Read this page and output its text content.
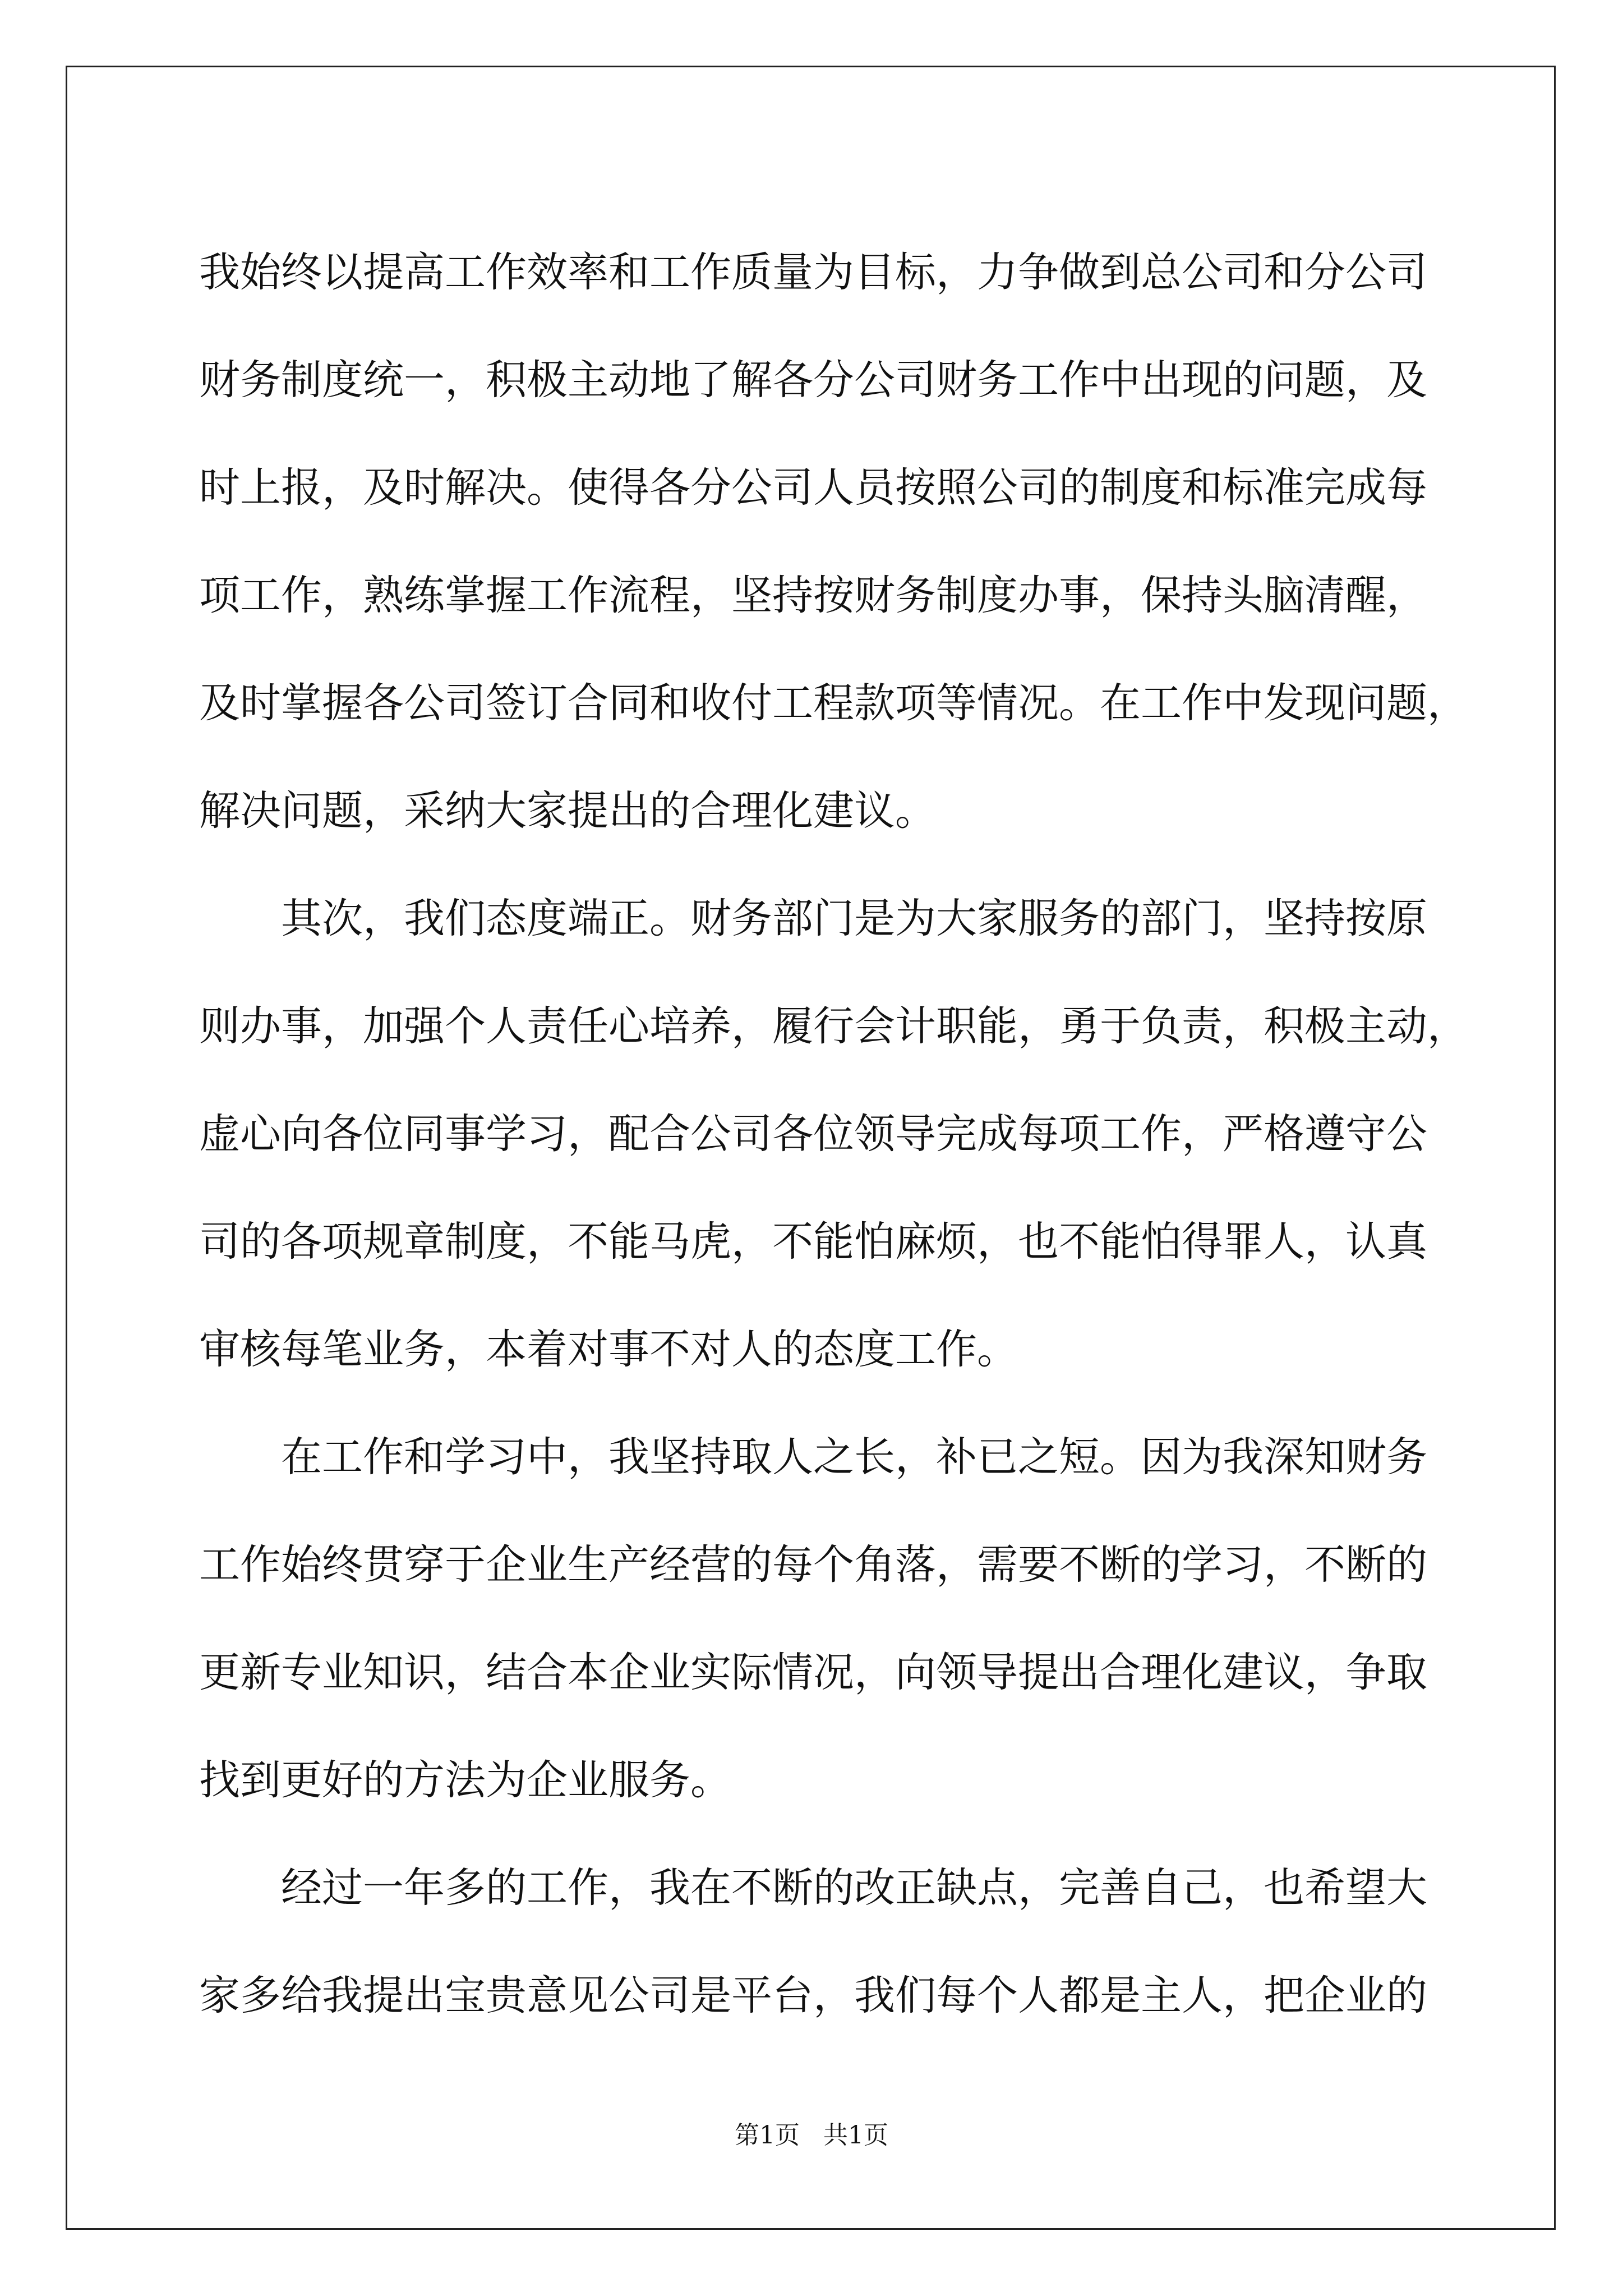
我始终以提高工作效率和工作质量为目标，力争做到总公司和分公司
财务制度统一，积极主动地了解各分公司财务工作中出现的问题，及
时上报，及时解决。使得各分公司人员按照公司的制度和标准完成每
项工作，熟练掌握工作流程，坚持按财务制度办事，保持头脑清醒，
及时掌握各公司签订合同和收付工程款项等情况。在工作中发现问题，
解决问题，采纳大家提出的合理化建议。
其次，我们态度端正。财务部门是为大家服务的部门，坚持按原
则办事，加强个人责任心培养，履行会计职能，勇于负责，积极主动，
虚心向各位同事学习，配合公司各位领导完成每项工作，严格遵守公
司的各项规章制度，不能马虎，不能怕麻烦，也不能怕得罪人，认真
审核每笔业务，本着对事不对人的态度工作。
在工作和学习中，我坚持取人之长，补已之短。因为我深知财务
工作始终贯穿于企业生产经营的每个角落，需要不断的学习，不断的
更新专业知识，结合本企业实际情况，向领导提出合理化建议，争取
找到更好的方法为企业服务。
经过一年多的工作，我在不断的改正缺点，完善自己，也希望大
家多给我提出宝贵意见公司是平台，我们每个人都是主人，把企业的
第1页 共1页
